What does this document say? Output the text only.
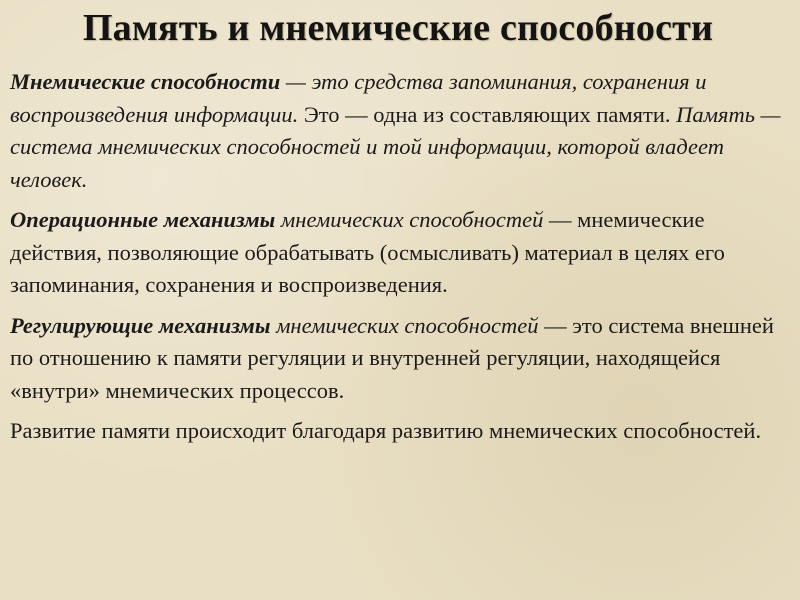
Память и мнемические способности

Мнемические способности — это средства запоминания, сохранения и воспроизведения информации. Это — одна из составляющих памяти. Память — система мнемических способностей и той информации, которой владеет человек.

Операционные механизмы мнемических способностей — мнемические действия, позволяющие обрабатывать (осмысливать) материал в целях его запоминания, сохранения и воспроизведения.

Регулирующие механизмы мнемических способностей — это система внешней по отношению к памяти регуляции и внутренней регуляции, находящейся «внутри» мнемических процессов.

Развитие памяти происходит благодаря развитию мнемических способностей.
